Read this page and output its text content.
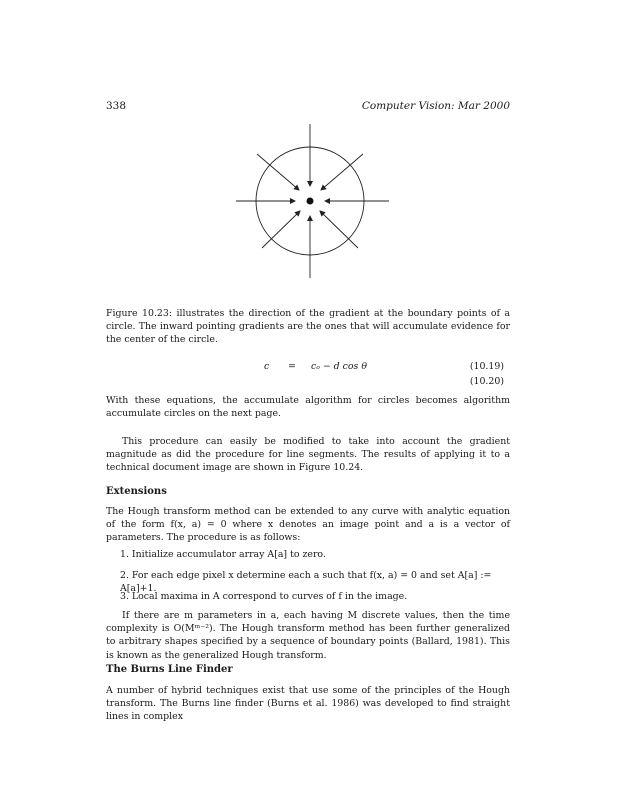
338	Computer Vision: Mar 2000
Figure 10.23: illustrates the direction of the gradient at the boundary points of a circle. The inward pointing gradients are the ones that will accumulate evidence for the center of the circle.
c = cₒ − d cos θ	(10.19)
(10.20)
With these equations, the accumulate algorithm for circles becomes algorithm accumulate circles on the next page.
This procedure can easily be modified to take into account the gradient magnitude as did the procedure for line segments. The results of applying it to a technical document image are shown in Figure 10.24.
Extensions
The Hough transform method can be extended to any curve with analytic equation of the form f(x, a) = 0 where x denotes an image point and a is a vector of parameters. The procedure is as follows:
1. Initialize accumulator array A[a] to zero.
2. For each edge pixel x determine each a such that f(x, a) = 0 and set A[a] := A[a]+1.
3. Local maxima in A correspond to curves of f in the image.
If there are m parameters in a, each having M discrete values, then the time complexity is O(Mᵐ⁻²). The Hough transform method has been further generalized to arbitrary shapes specified by a sequence of boundary points (Ballard, 1981). This is known as the generalized Hough transform.
The Burns Line Finder
A number of hybrid techniques exist that use some of the principles of the Hough transform. The Burns line finder (Burns et al. 1986) was developed to find straight lines in complex
